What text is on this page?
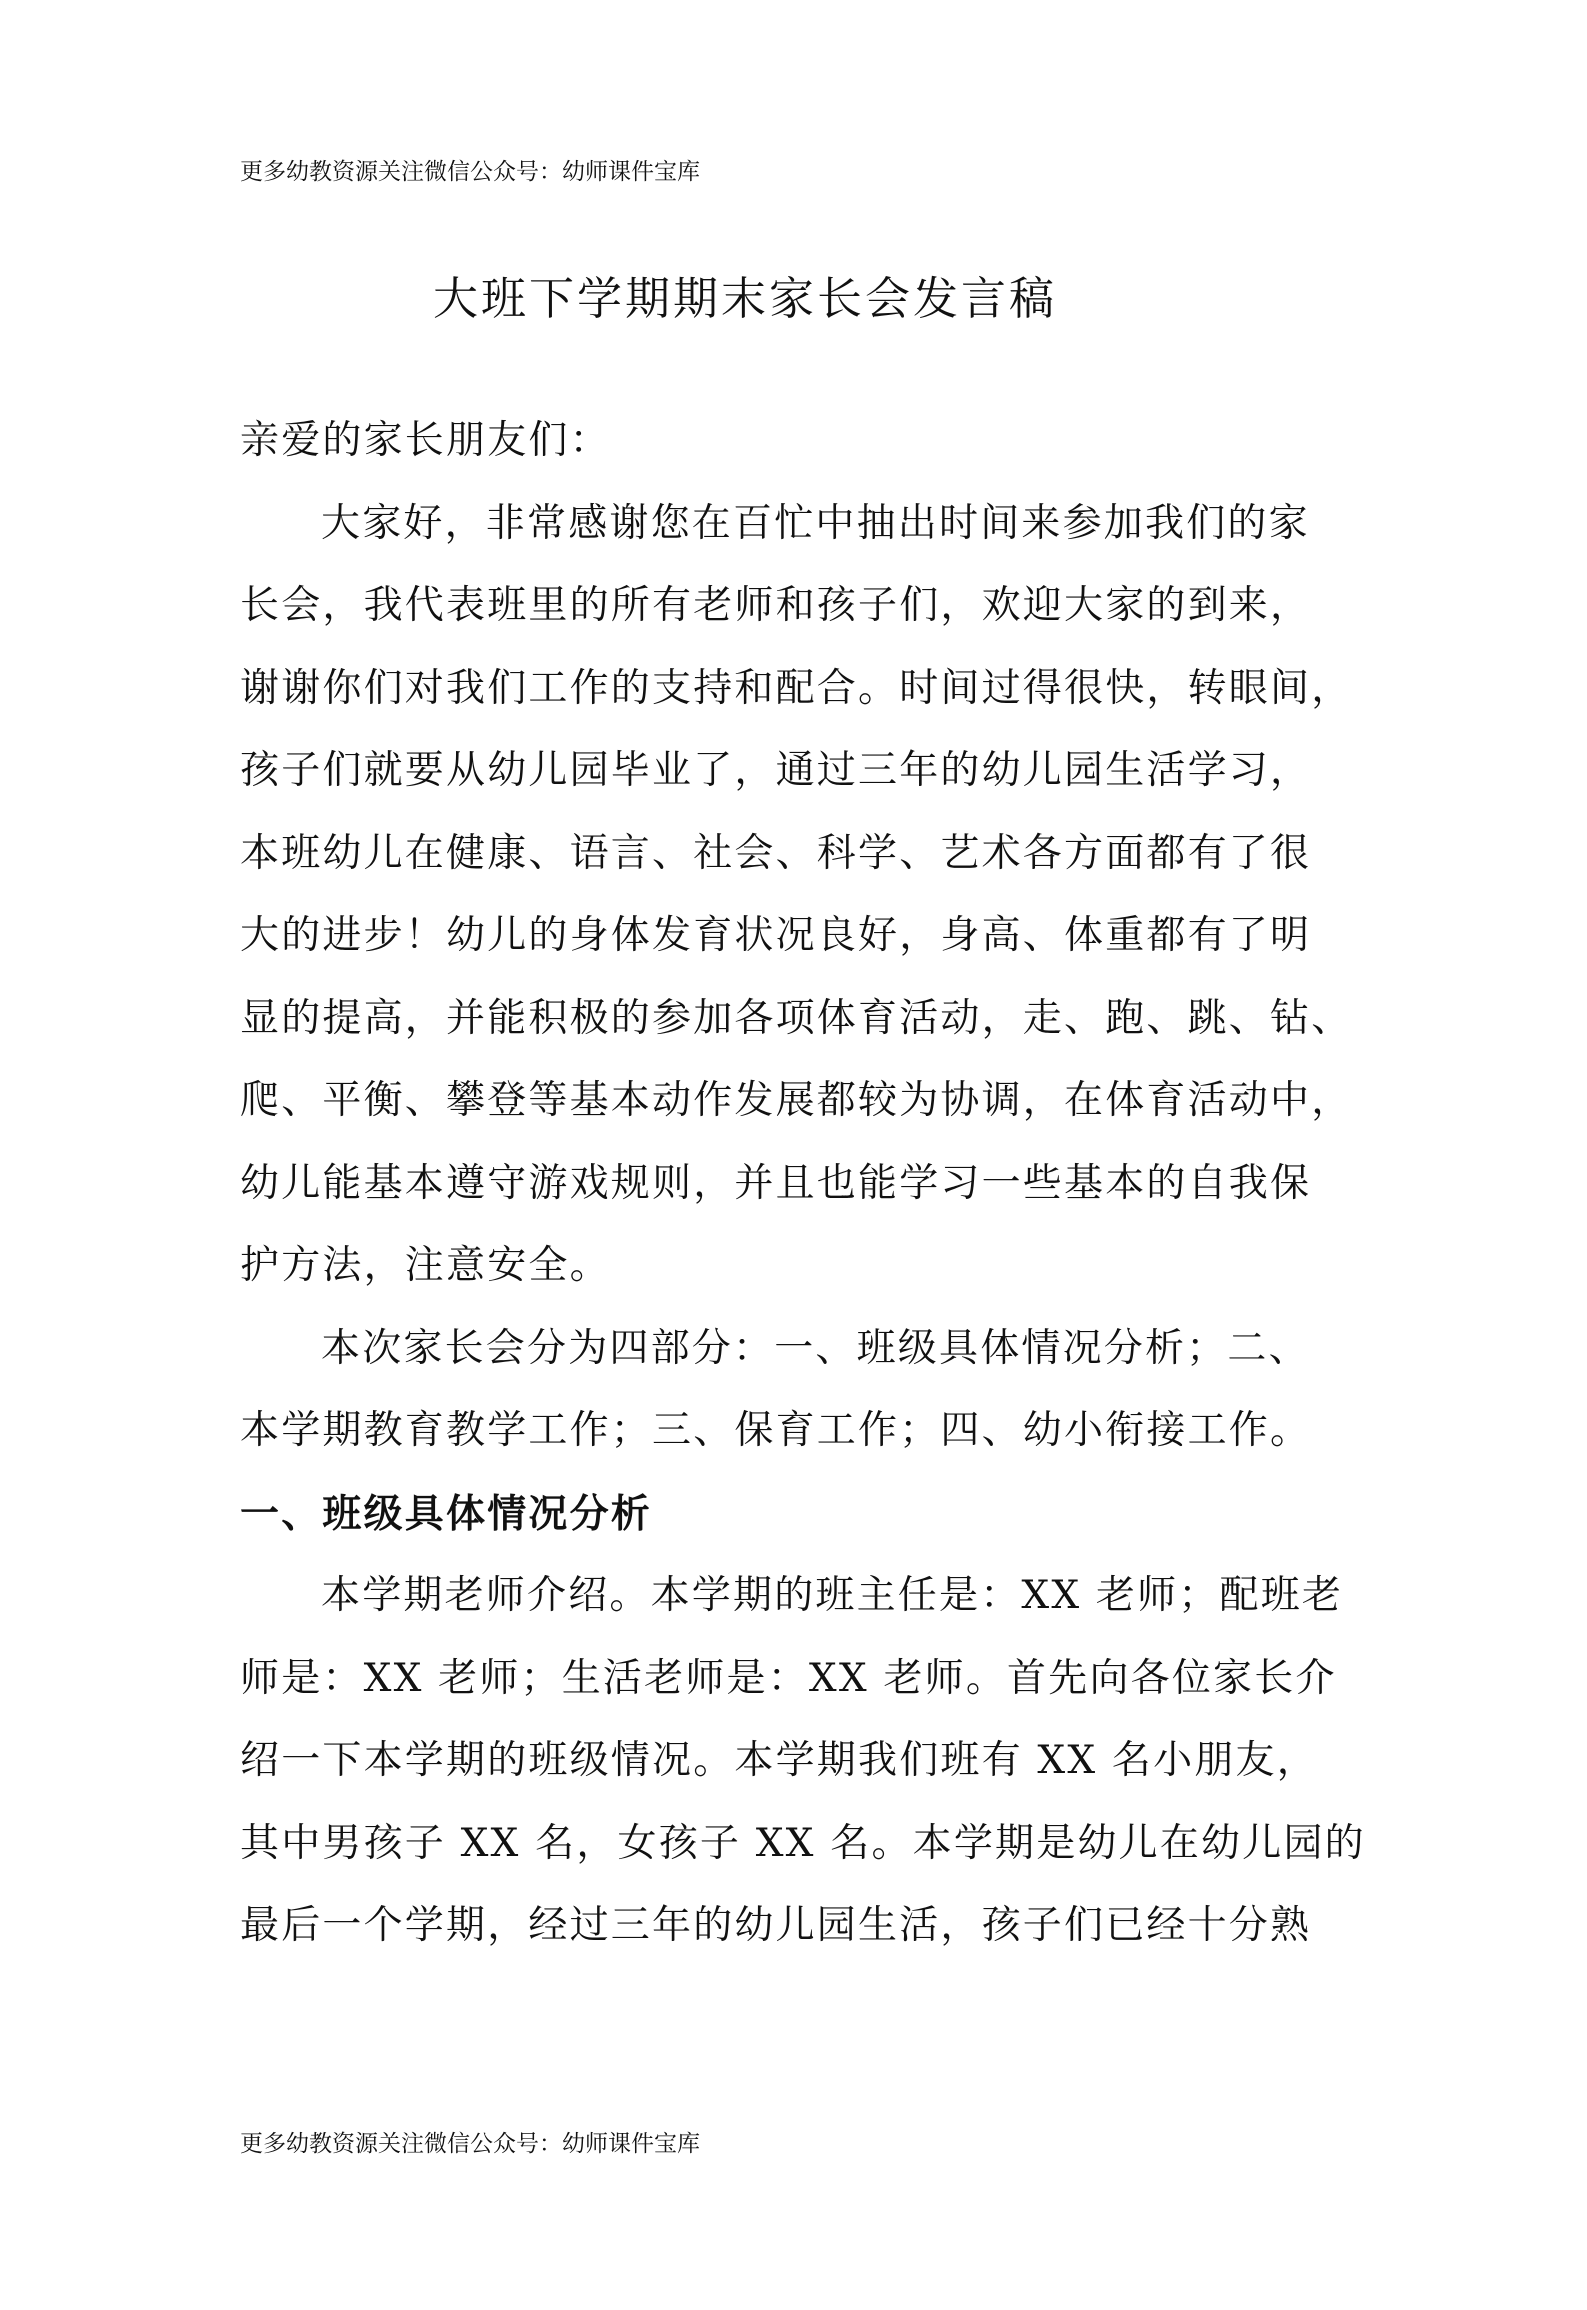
更多幼教资源关注微信公众号：幼师课件宝库
大班下学期期末家长会发言稿
亲爱的家长朋友们：
大家好，非常感谢您在百忙中抽出时间来参加我们的家
长会，我代表班里的所有老师和孩子们，欢迎大家的到来，
谢谢你们对我们工作的支持和配合。时间过得很快，转眼间，
孩子们就要从幼儿园毕业了，通过三年的幼儿园生活学习，
本班幼儿在健康、语言、社会、科学、艺术各方面都有了很
大的进步！幼儿的身体发育状况良好，身高、体重都有了明
显的提高，并能积极的参加各项体育活动，走、跑、跳、钻、
爬、平衡、攀登等基本动作发展都较为协调，在体育活动中，
幼儿能基本遵守游戏规则，并且也能学习一些基本的自我保
护方法，注意安全。
本次家长会分为四部分：一、班级具体情况分析；二、
本学期教育教学工作；三、保育工作；四、幼小衔接工作。
一、班级具体情况分析
本学期老师介绍。本学期的班主任是：XX 老师；配班老
师是：XX 老师；生活老师是：XX 老师。首先向各位家长介
绍一下本学期的班级情况。本学期我们班有 XX 名小朋友，
其中男孩子 XX 名，女孩子 XX 名。本学期是幼儿在幼儿园的
最后一个学期，经过三年的幼儿园生活，孩子们已经十分熟
更多幼教资源关注微信公众号：幼师课件宝库
